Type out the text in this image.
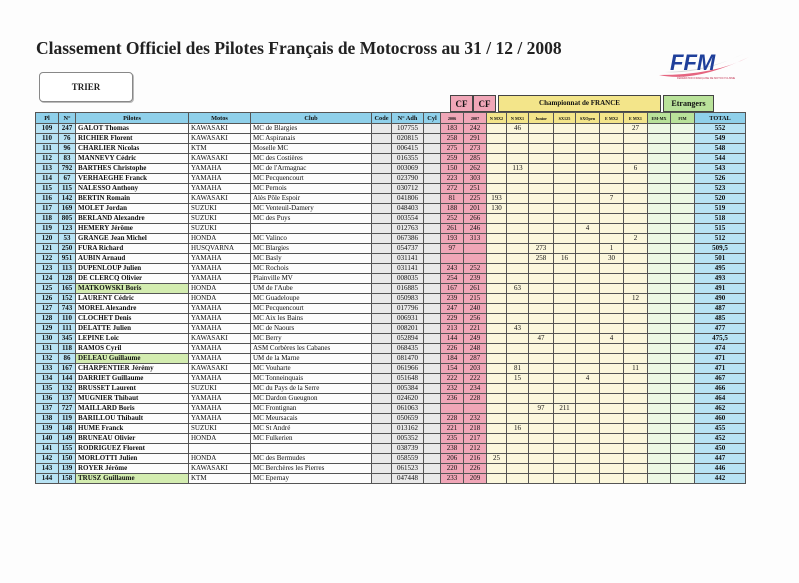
Classement Officiel des Pilotes Français de Motocross au 31 / 12 / 2008
TRIER
FFM
FÉDÉRATION FRANÇAISE DE MOTOCYCLISME
CF	CF	Championnat de FRANCE	Etrangers
Pl	N°	Pilotes	Motos	Club	Code	N° Adh	Cyl	2006	2007	N MX2	N MX1	Junior	SX125	SXOpen	E MX2	E MX1	EM-MX	FIM	TOTAL
109	247	GALOT Thomas	KAWASAKI	MC de Blargies		107755		183	242		46					27			552
110	76	RICHIER Florent	KAWASAKI	MC Aspiranais		020815		258	291										549
111	96	CHARLIER Nicolas	KTM	Moselle MC		006415		275	273										548
112	83	MANNEVY Cédric	KAWASAKI	MC des Costières		016355		259	285										544
113	792	BARTHES Christophe	YAMAHA	MC de l'Armagnac		003069		150	262		113					6			543
114	67	VERHAEGHE Franck	YAMAHA	MC Pecquencourt		023790		223	303										526
115	115	NALESSO Anthony	YAMAHA	MC Pernois		030712		272	251										523
116	142	BERTIN Romain	KAWASAKI	Alès Pôle Espoir		041806		81	225	193					7				520
117	169	MOLET Jordan	SUZUKI	MC Venteuil-Damery		048403		188	201	130									519
118	805	BERLAND Alexandre	SUZUKI	MC des Puys		003554		252	266										518
119	123	HEMERY Jérôme	SUZUKI			012763		261	246					4					515
120	53	GRANGE Jean Michel	HONDA	MC Valinco		067386		193	313							2			512
121	250	FURA Richard	HUSQVARNA	MC Blargies		054737		97				273			1				509,5
122	951	AUBIN Arnaud	YAMAHA	MC Basly		031141						258	16		30				501
123	113	DUPENLOUP Julien	YAMAHA	MC Rochois		031141		243	252										495
124	128	DE CLERCQ Olivier	YAMAHA	Plainville MV		008035		254	239										493
125	165	MATKOWSKI Boris	HONDA	UM de l'Aube		016885		167	261		63								491
126	152	LAURENT Cédric	HONDA	MC Guadeloupe		050983		239	215							12			490
127	743	MOREL Alexandre	YAMAHA	MC Pecquencourt		017796		247	240										487
128	110	CLOCHET Denis	YAMAHA	MC Aix les Bains		006931		229	256										485
129	111	DELATTE Julien	YAMAHA	MC de Naours		008201		213	221		43								477
130	345	LEPINE Loic	KAWASAKI	MC Berry		052894		144	249			47			4				475,5
131	118	RAMOS Cyril	YAMAHA	ASM Corbères les Cabanes		068435		226	248										474
132	86	DELEAU Guillaume	YAMAHA	UM de la Marne		081470		184	287										471
133	167	CHARPENTIER Jérémy	KAWASAKI	MC Vouharte		061966		154	203		81					11			471
134	144	DARRIET Guillaume	YAMAHA	MC Tonneinquais		051648		222	222		15			4					467
135	132	BRUSSET Laurent	SUZUKI	MC du Pays de la Serre		005384		232	234										466
136	137	MUGNIER Thibaut	YAMAHA	MC Dardon Gueugnon		024620		236	228										464
137	727	MAILLARD Boris	YAMAHA	MC Frontignan		061063						97	211						462
138	119	BARILLOU Thibault	YAMAHA	MC Meursacais		050659		228	232										460
139	148	HUME Franck	SUZUKI	MC St André		013162		221	218		16								455
140	149	BRUNEAU Olivier	HONDA	MC Fulkerien		005352		235	217										452
141	155	RODRIGUEZ Florent				038739		238	212										450
142	150	MORLOTTI Julien	HONDA	MC des Bermudes		058559		206	216	25									447
143	139	ROYER Jérôme	KAWASAKI	MC Berchères les Pierres		061523		220	226										446
144	158	TRUSZ Guillaume	KTM	MC Epernay		047448		233	209										442
